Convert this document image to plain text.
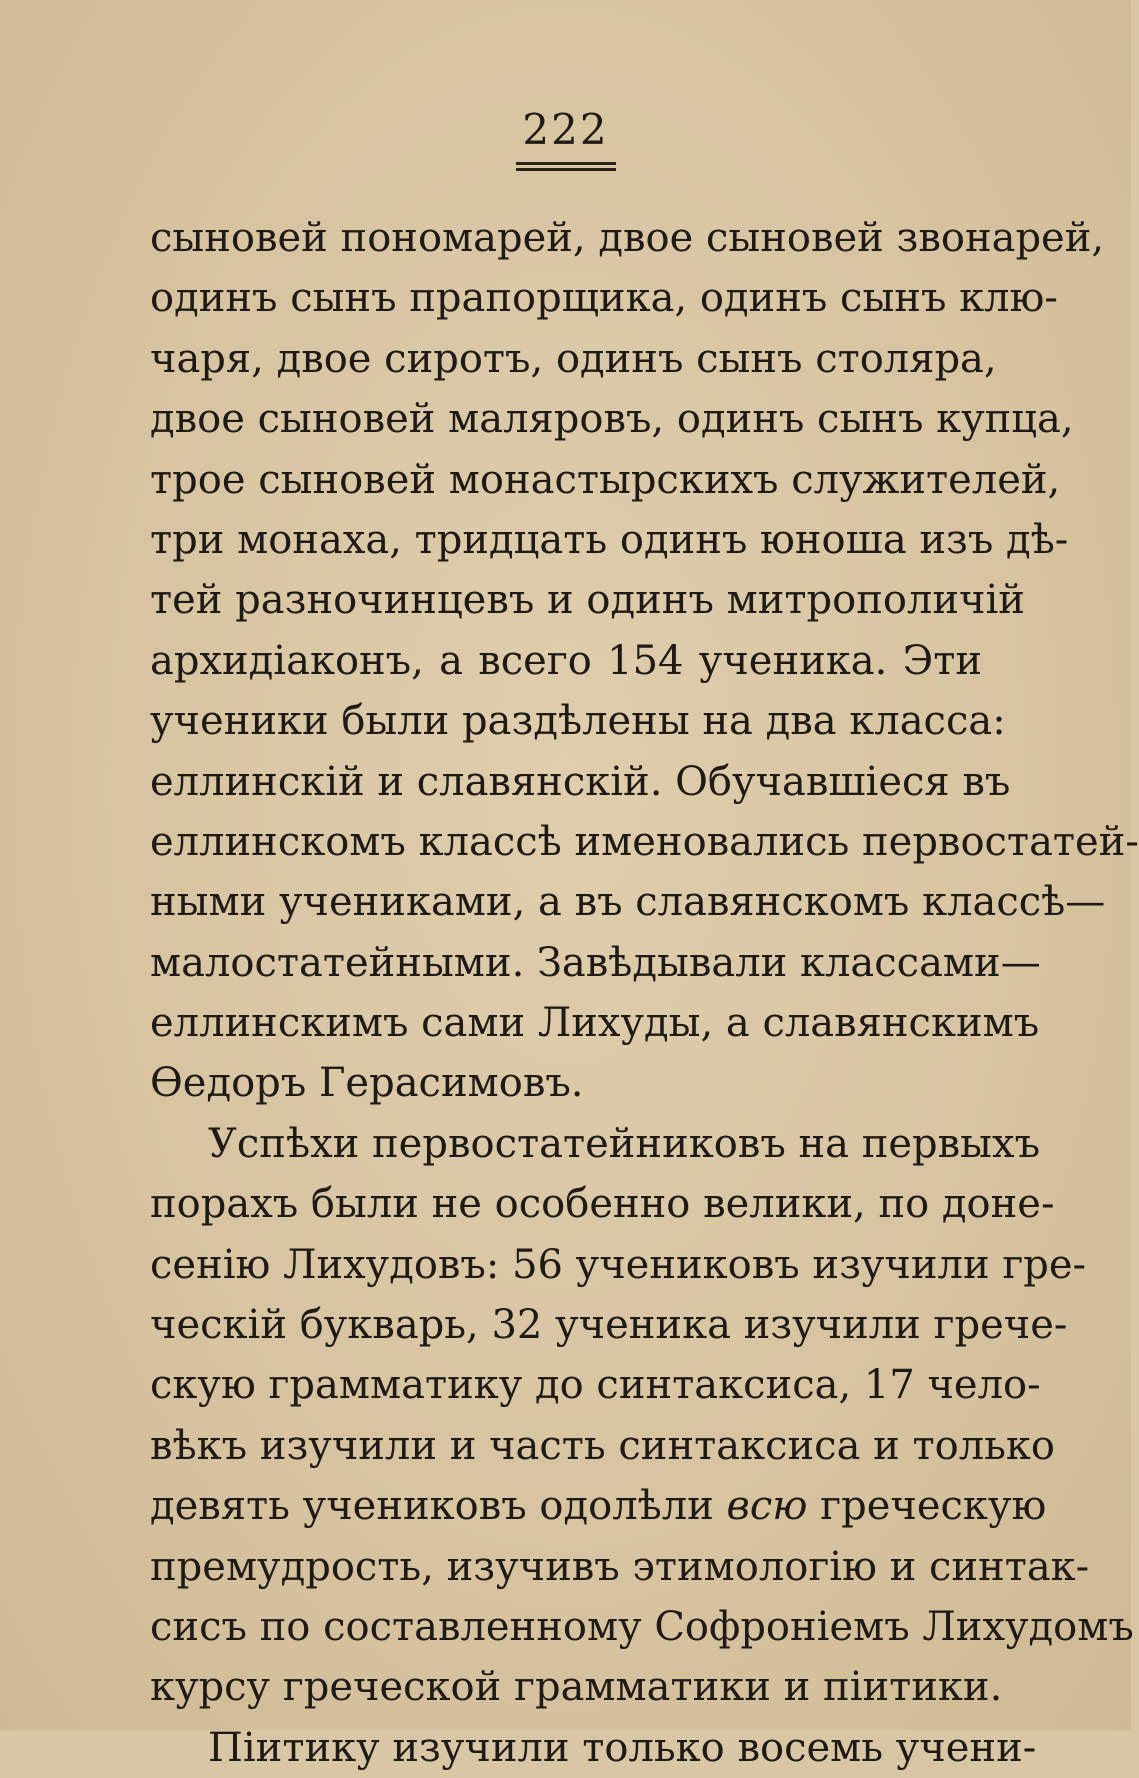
222
сыновей пономарей, двое сыновей звонарей,
одинъ сынъ прапорщика, одинъ сынъ клю-
чаря, двое сиротъ, одинъ сынъ столяра,
двое сыновей маляровъ, одинъ сынъ купца,
трое сыновей монастырскихъ служителей,
три монаха, тридцать одинъ юноша изъ дѣ-
тей разночинцевъ и одинъ митрополичій
архидіаконъ, а всего 154 ученика. Эти
ученики были раздѣлены на два класса:
еллинскій и славянскій. Обучавшіеся въ
еллинскомъ классѣ именовались первостатей-
ными учениками, а въ славянскомъ классѣ—
малостатейными. Завѣдывали классами—
еллинскимъ сами Лихуды, а славянскимъ
Ѳедоръ Герасимовъ.
Успѣхи первостатейниковъ на первыхъ
порахъ были не особенно велики, по доне-
сенію Лихудовъ: 56 учениковъ изучили гре-
ческій букварь, 32 ученика изучили грече-
скую грамматику до синтаксиса, 17 чело-
вѣкъ изучили и часть синтаксиса и только
девять учениковъ одолѣли всю греческую
премудрость, изучивъ этимологію и синтак-
сисъ по составленному Софроніемъ Лихудомъ
курсу греческой грамматики и піитики.
Піитику изучили только восемь учени-
